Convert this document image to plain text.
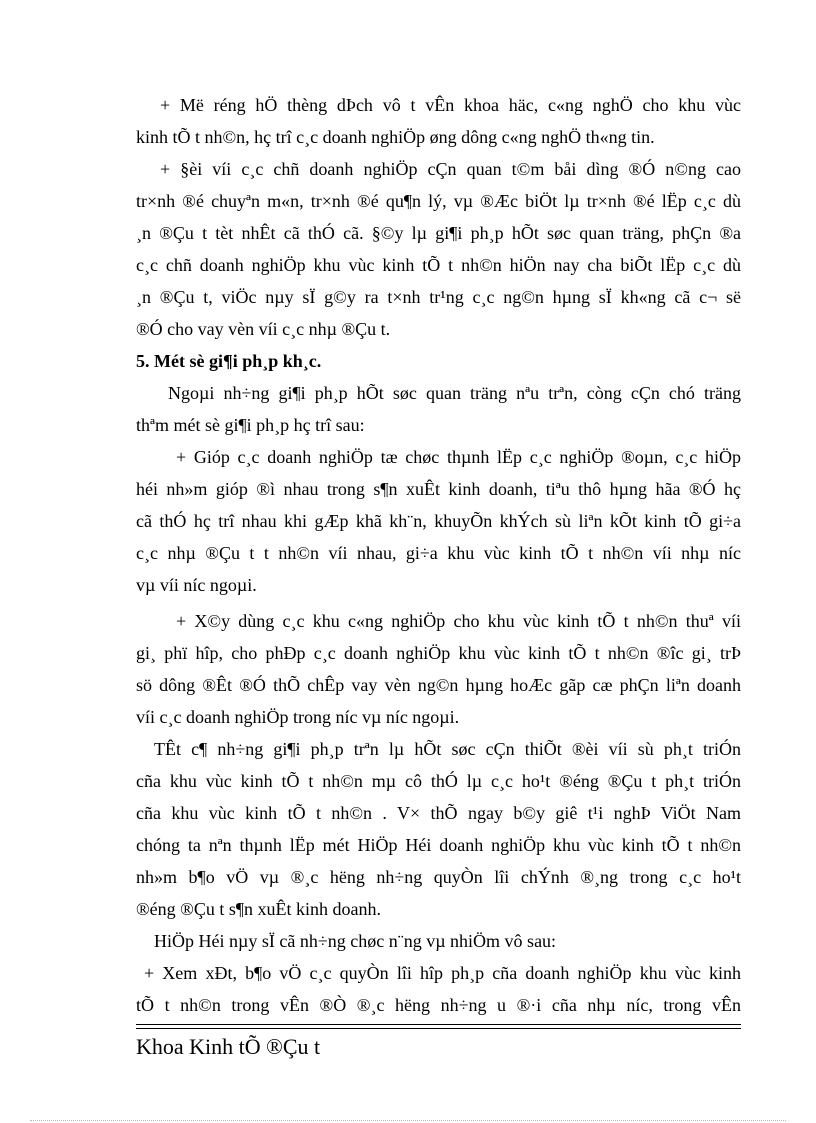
+ Më réng hÖ thèng dÞch vô t vÊn khoa häc, c«ng nghÖ cho khu vùc
kinh tÕ t nh©n, hç trî c¸c doanh nghiÖp øng dông c«ng nghÖ th«ng tin.
+ §èi víi c¸c chñ doanh nghiÖp cÇn quan t©m båi dìng ®Ó n©ng cao
tr×nh ®é chuyªn m«n, tr×nh ®é qu¶n lý, vµ ®Æc biÖt lµ tr×nh ®é lËp c¸c dù
¸n ®Çu t tèt nhÊt cã thÓ cã. §©y lµ gi¶i ph¸p hÕt søc quan träng, phÇn ®a
c¸c chñ doanh nghiÖp khu vùc kinh tÕ t nh©n hiÖn nay cha biÕt lËp c¸c dù
¸n ®Çu t, viÖc nµy sÏ g©y ra t×nh tr¹ng c¸c ng©n hµng sÏ kh«ng cã c¬ së
®Ó cho vay vèn víi c¸c nhµ ®Çu t.
5. Mét sè gi¶i ph¸p kh¸c.
Ngoµi nh÷ng gi¶i ph¸p hÕt søc quan träng nªu trªn, còng cÇn chó träng
thªm mét sè gi¶i ph¸p hç trî sau:
+ Gióp c¸c doanh nghiÖp tæ chøc thµnh lËp c¸c nghiÖp ®oµn, c¸c hiÖp
héi nh»m gióp ®ì nhau trong s¶n xuÊt kinh doanh, tiªu thô hµng hãa ®Ó hç
cã thÓ hç trî nhau khi gÆp khã kh¨n, khuyÕn khÝch sù liªn kÕt kinh tÕ gi÷a
c¸c nhµ ®Çu t t nh©n víi nhau, gi÷a khu vùc kinh tÕ t nh©n víi nhµ níc
vµ víi níc ngoµi.
+ X©y dùng c¸c khu c«ng nghiÖp cho khu vùc kinh tÕ t nh©n thuª víi
gi¸ phï hîp, cho phÐp c¸c doanh nghiÖp khu vùc kinh tÕ t nh©n ®îc gi¸ trÞ
sö dông ®Êt ®Ó thÕ chÊp vay vèn ng©n hµng hoÆc gãp cæ phÇn liªn doanh
víi c¸c doanh nghiÖp trong níc vµ níc ngoµi.
TÊt c¶ nh÷ng gi¶i ph¸p trªn lµ hÕt søc cÇn thiÕt ®èi víi sù ph¸t triÓn
cña khu vùc kinh tÕ t nh©n mµ cô thÓ lµ c¸c ho¹t ®éng ®Çu t ph¸t triÓn
cña khu vùc kinh tÕ t nh©n . V× thÕ ngay b©y giê t¹i nghÞ ViÖt Nam
chóng ta nªn thµnh lËp mét HiÖp Héi doanh nghiÖp khu vùc kinh tÕ t nh©n
nh»m b¶o vÖ vµ ®¸c hëng nh÷ng quyÒn lîi chÝnh ®¸ng trong c¸c ho¹t
®éng ®Çu t s¶n xuÊt kinh doanh.
HiÖp Héi nµy sÏ cã nh÷ng chøc n¨ng vµ nhiÖm vô sau:
+ Xem xÐt, b¶o vÖ c¸c quyÒn lîi hîp ph¸p cña doanh nghiÖp khu vùc kinh
tÕ t nh©n trong vÊn ®Ò ®¸c hëng nh÷ng u ®·i cña nhµ níc, trong vÊn
Khoa Kinh tÕ ®Çu t
